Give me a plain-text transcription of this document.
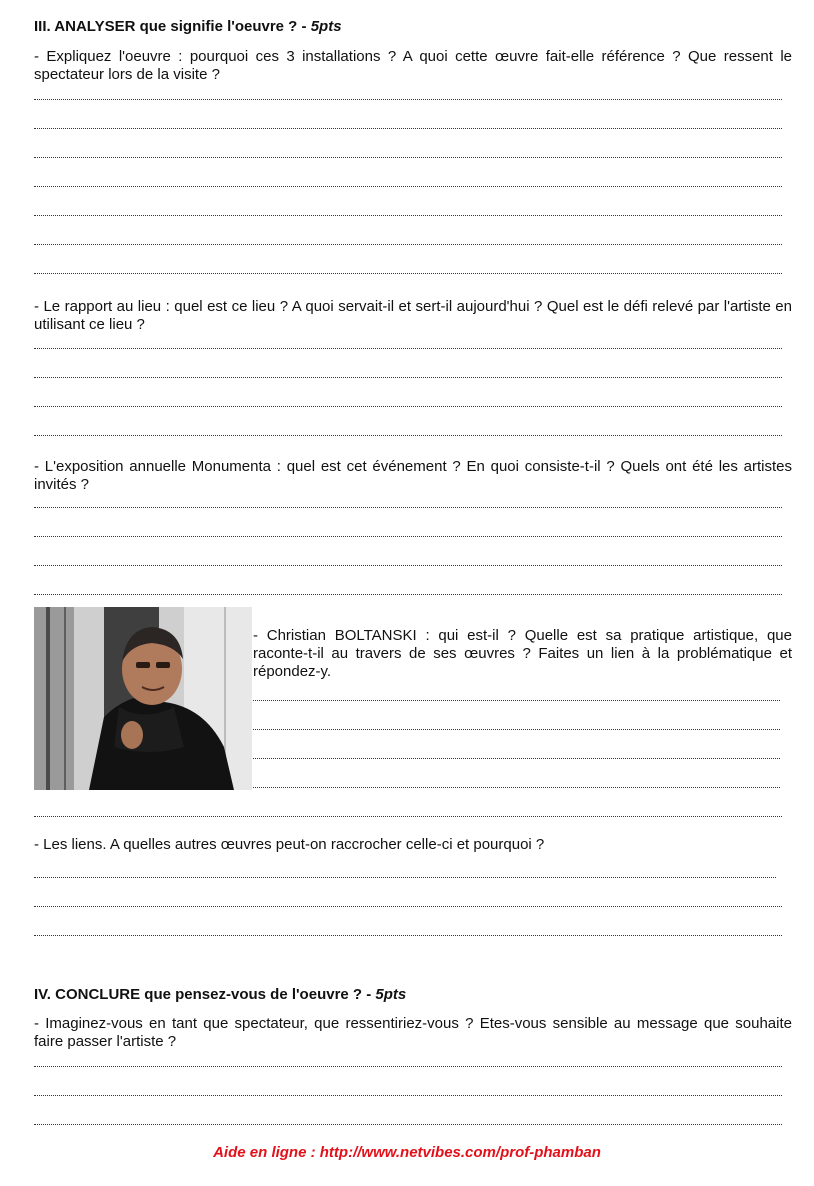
III. ANALYSER que signifie l'oeuvre ? - 5pts
- Expliquez l'oeuvre : pourquoi ces 3 installations ? A quoi cette œuvre fait-elle référence ? Que ressent le spectateur lors de la visite ?
- Le rapport au lieu : quel est ce lieu ? A quoi servait-il et sert-il aujourd'hui ? Quel est le défi relevé par l'artiste en utilisant ce lieu ?
- L'exposition annuelle Monumenta : quel est cet événement ? En quoi consiste-t-il ? Quels ont été les artistes invités ?
- Christian BOLTANSKI : qui est-il ? Quelle est sa pratique artistique, que raconte-t-il au travers de ses œuvres ? Faites un lien à la problématique et répondez-y.
- Les liens. A quelles autres œuvres peut-on raccrocher celle-ci et pourquoi ?
IV. CONCLURE que pensez-vous de l'oeuvre ? - 5pts
- Imaginez-vous en tant que spectateur, que ressentiriez-vous ? Etes-vous sensible au message que souhaite faire passer l'artiste ?
Aide en ligne : http://www.netvibes.com/prof-phamban
